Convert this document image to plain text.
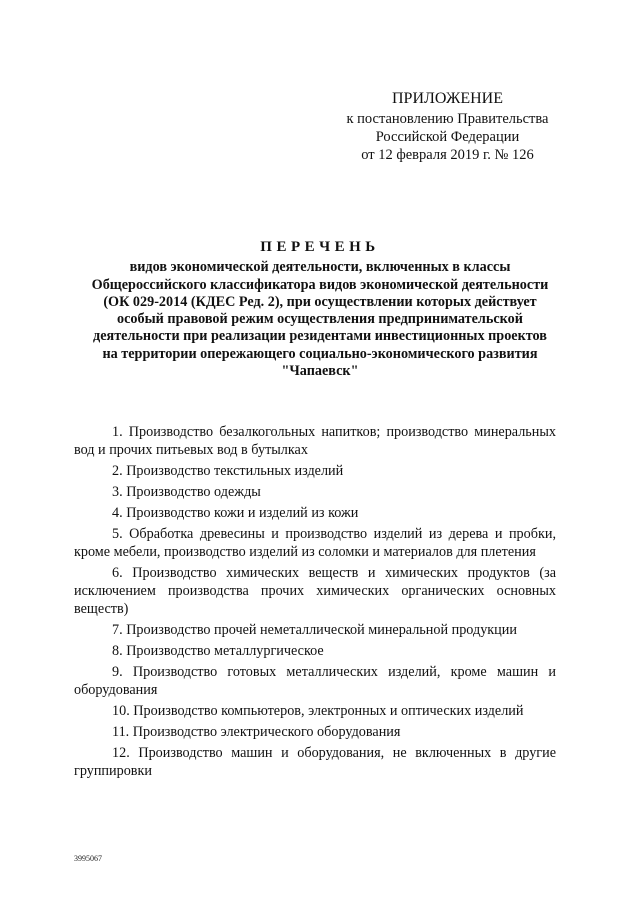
ПРИЛОЖЕНИЕ
к постановлению Правительства
Российской Федерации
от 12 февраля 2019 г. № 126
ПЕРЕЧЕНЬ
видов экономической деятельности, включенных в классы
Общероссийского классификатора видов экономической деятельности
(ОК 029-2014 (КДЕС Ред. 2), при осуществлении которых действует
особый правовой режим осуществления предпринимательской
деятельности при реализации резидентами инвестиционных проектов
на территории опережающего социально-экономического развития
"Чапаевск"
1. Производство безалкогольных напитков; производство минеральных вод и прочих питьевых вод в бутылках
2. Производство текстильных изделий
3. Производство одежды
4. Производство кожи и изделий из кожи
5. Обработка древесины и производство изделий из дерева и пробки, кроме мебели, производство изделий из соломки и материалов для плетения
6. Производство химических веществ и химических продуктов (за исключением производства прочих химических органических основных веществ)
7. Производство прочей неметаллической минеральной продукции
8. Производство металлургическое
9. Производство готовых металлических изделий, кроме машин и оборудования
10. Производство компьютеров, электронных и оптических изделий
11. Производство электрического оборудования
12. Производство машин и оборудования, не включенных в другие группировки
3995067
